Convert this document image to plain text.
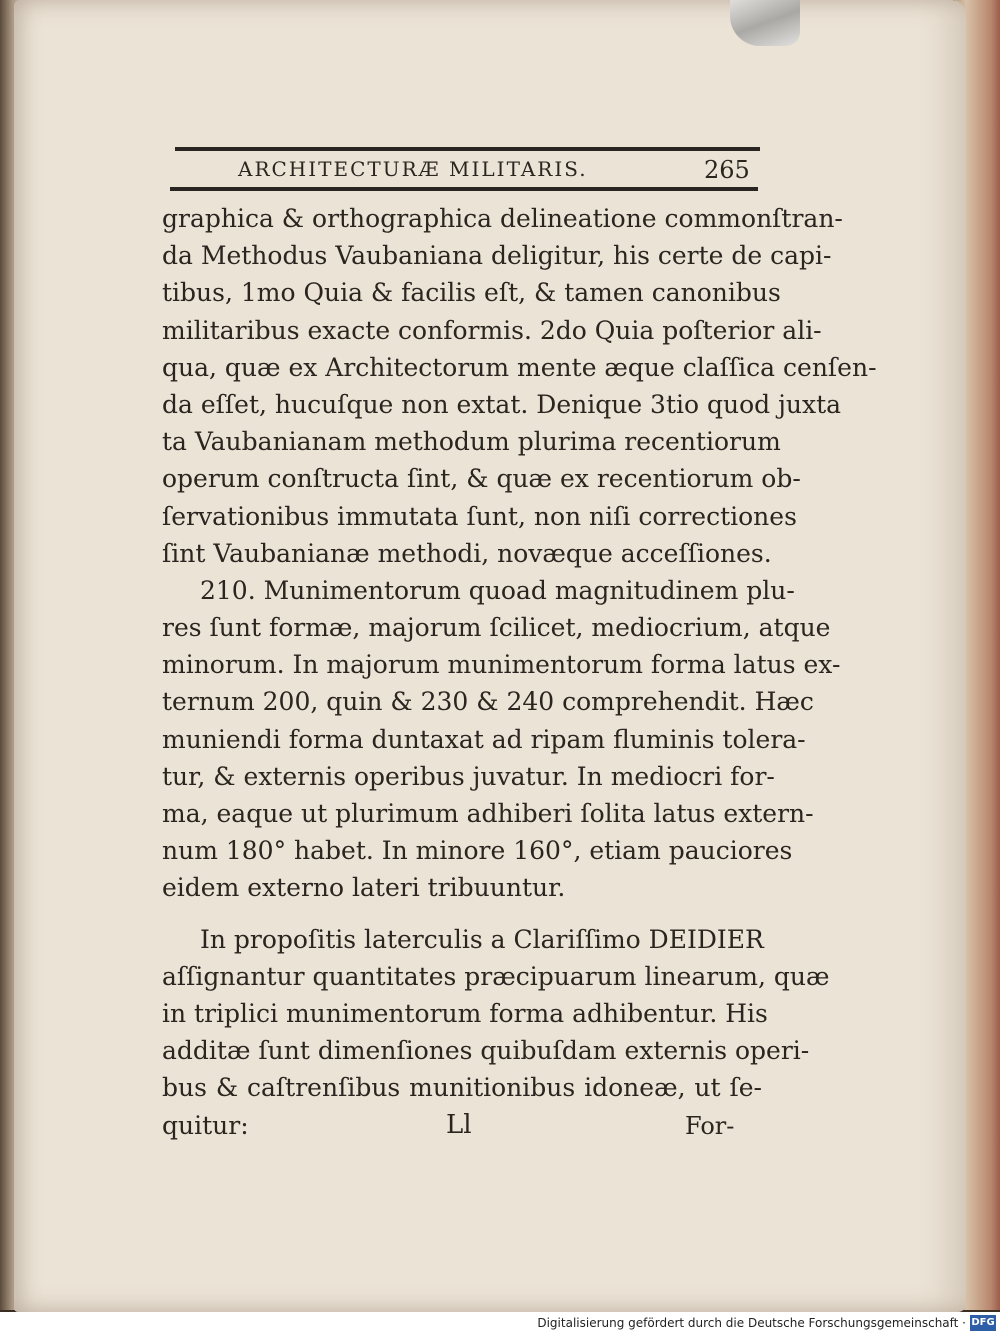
ARCHITECTURÆ MILITARIS.	265
graphica & orthographica delineatione commonſtran-
da Methodus Vaubaniana deligitur, his certe de capi-
tibus, 1mo Quia & facilis eſt, & tamen canonibus
militaribus exacte conformis. 2do Quia poſterior ali-
qua, quæ ex Architectorum mente æque claſſica cenſen-
da eſſet, hucuſque non extat. Denique 3tio quod juxta
ta Vaubanianam methodum plurima recentiorum
operum conſtructa ſint, & quæ ex recentiorum ob-
ſervationibus immutata ſunt, non niſi correctiones
ſint Vaubanianæ methodi, novæque acceſſiones.
210. Munimentorum quoad magnitudinem plu-
res ſunt formæ, majorum ſcilicet, mediocrium, atque
minorum. In majorum munimentorum forma latus ex-
ternum 200, quin & 230 & 240 comprehendit. Hæc
muniendi forma duntaxat ad ripam fluminis tolera-
tur, & externis operibus juvatur. In mediocri for-
ma, eaque ut plurimum adhiberi ſolita latus extern-
num 180° habet. In minore 160°, etiam pauciores
eidem externo lateri tribuuntur.
In propoſitis laterculis a Clariſſimo DEIDIER
aſſignantur quantitates præcipuarum linearum, quæ
in triplici munimentorum forma adhibentur. His
additæ ſunt dimenſiones quibuſdam externis operi-
bus & caſtrenſibus munitionibus idoneæ, ut ſe-
quitur:	Ll	For-
Digitalisierung gefördert durch die Deutsche Forschungsgemeinschaft · DFG
